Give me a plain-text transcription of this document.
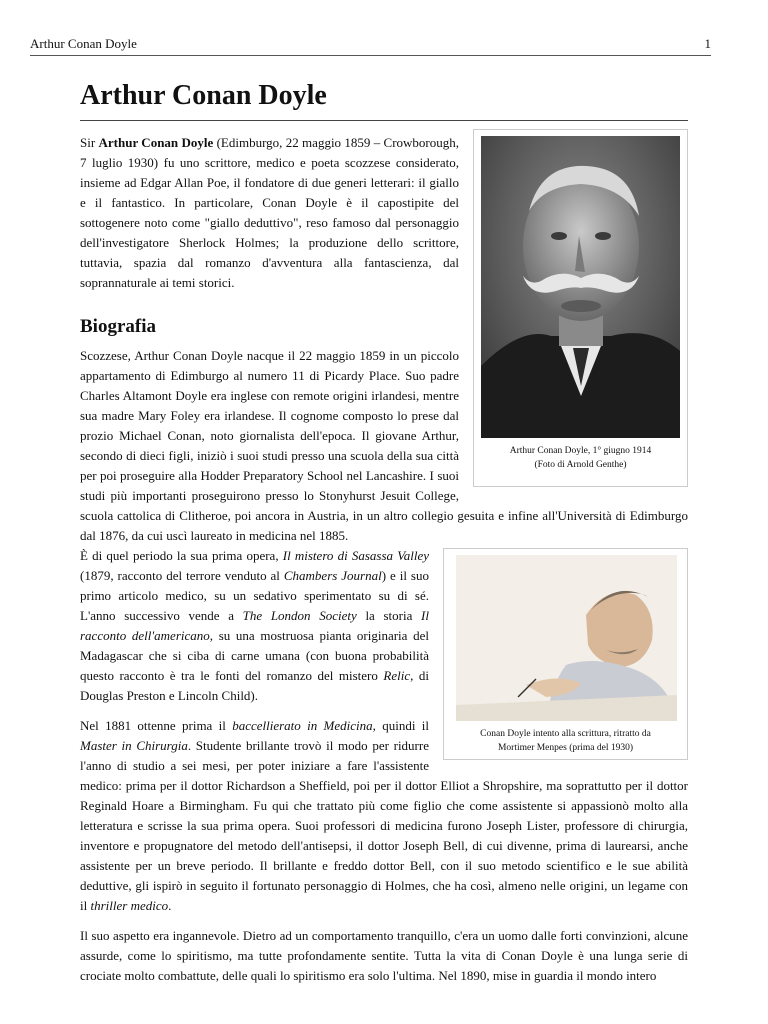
Arthur Conan Doyle	1
Arthur Conan Doyle
Arthur Conan Doyle, 1° giugno 1914
(Foto di Arnold Genthe)

Sir Arthur Conan Doyle (Edimburgo, 22 maggio 1859 – Crowborough, 7 luglio 1930) fu uno scrittore, medico e poeta scozzese considerato, insieme ad Edgar Allan Poe, il fondatore di due generi letterari: il giallo e il fantastico. In particolare, Conan Doyle è il capostipite del sottogenere noto come "giallo deduttivo", reso famoso dal personaggio dell'investigatore Sherlock Holmes; la produzione dello scrittore, tuttavia, spazia dal romanzo d'avventura alla fantascienza, dal soprannaturale ai temi storici.

Biografia

Scozzese, Arthur Conan Doyle nacque il 22 maggio 1859 in un piccolo appartamento di Edimburgo al numero 11 di Picardy Place. Suo padre Charles Altamont Doyle era inglese con remote origini irlandesi, mentre sua madre Mary Foley era irlandese. Il cognome composto lo prese dal prozio Michael Conan, noto giornalista dell'epoca. Il giovane Arthur, secondo di dieci figli, iniziò i suoi studi presso una scuola della sua città per poi proseguire alla Hodder Preparatory School nel Lancashire. I suoi studi più importanti proseguirono presso lo Stonyhurst Jesuit College, scuola cattolica di Clitheroe, poi ancora in Austria, in un altro collegio gesuita e infine all'Università di Edimburgo dal 1876, da cui uscì laureato in medicina nel 1885.

Conan Doyle intento alla scrittura, ritratto da
Mortimer Menpes (prima del 1930)

È di quel periodo la sua prima opera, Il mistero di Sasassa Valley (1879, racconto del terrore venduto al Chambers Journal) e il suo primo articolo medico, su un sedativo sperimentato su di sé. L'anno successivo vende a The London Society la storia Il racconto dell'americano, su una mostruosa pianta originaria del Madagascar che si ciba di carne umana (con buona probabilità questo racconto è tra le fonti del romanzo del mistero Relic, di Douglas Preston e Lincoln Child).

Nel 1881 ottenne prima il baccellierato in Medicina, quindi il Master in Chirurgia. Studente brillante trovò il modo per ridurre l'anno di studio a sei mesi, per poter iniziare a fare l'assistente medico: prima per il dottor Richardson a Sheffield, poi per il dottor Elliot a Shropshire, ma soprattutto per il dottor Reginald Hoare a Birmingham. Fu qui che trattato più come figlio che come assistente si appassionò molto alla letteratura e scrisse la sua prima opera. Suoi professori di medicina furono Joseph Lister, professore di chirurgia, inventore e propugnatore del metodo dell'antisepsi, il dottor Joseph Bell, di cui divenne, prima di laurearsi, anche assistente per un breve periodo. Il brillante e freddo dottor Bell, con il suo metodo scientifico e le sue abilità deduttive, gli ispirò in seguito il fortunato personaggio di Holmes, che ha così, almeno nelle origini, un legame con il thriller medico.

Il suo aspetto era ingannevole. Dietro ad un comportamento tranquillo, c'era un uomo dalle forti convinzioni, alcune assurde, come lo spiritismo, ma tutte profondamente sentite. Tutta la vita di Conan Doyle è una lunga serie di crociate molto combattute, delle quali lo spiritismo era solo l'ultima. Nel 1890, mise in guardia il mondo intero
